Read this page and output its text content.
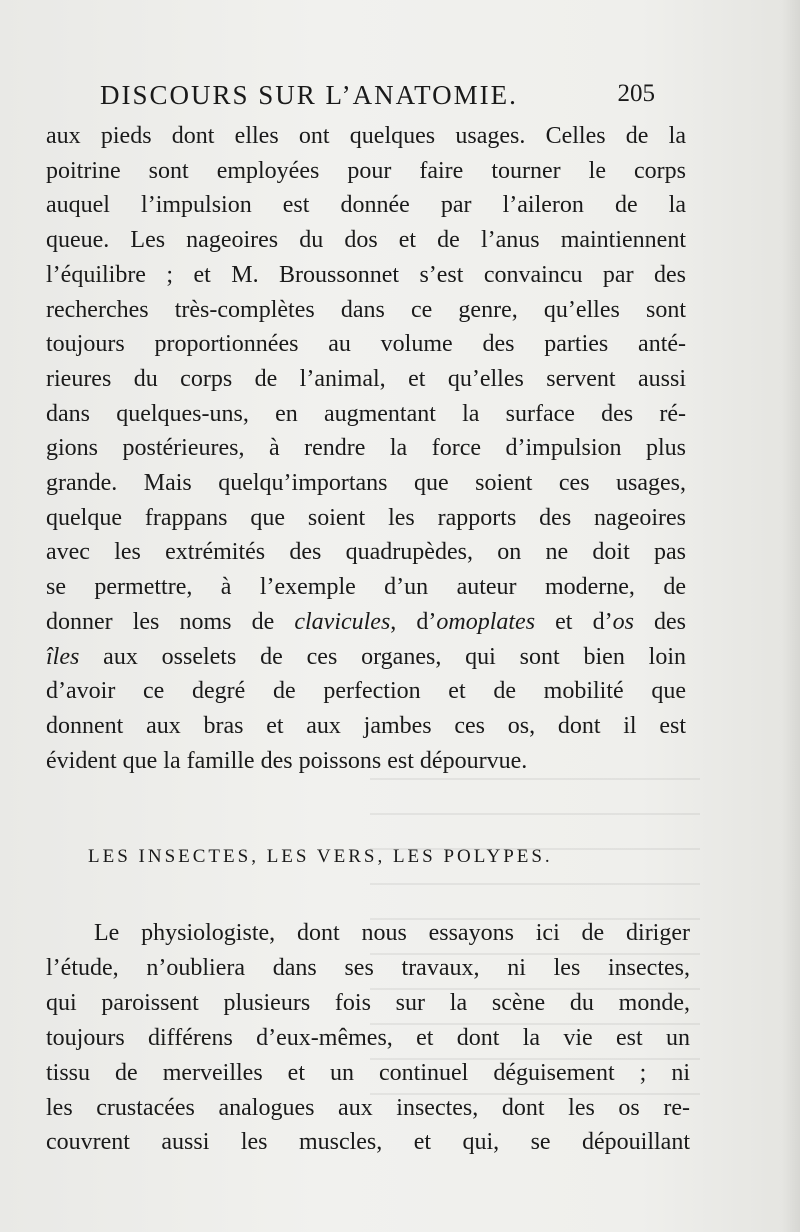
DISCOURS SUR L’ANATOMIE.	205
aux pieds dont elles ont quelques usages. Celles de la
poitrine sont employées pour faire tourner le corps
auquel l’impulsion est donnée par l’aileron de la
queue. Les nageoires du dos et de l’anus maintiennent
l’équilibre ; et M. Broussonnet s’est convaincu par des
recherches très-complètes dans ce genre, qu’elles sont
toujours proportionnées au volume des parties anté-
rieures du corps de l’animal, et qu’elles servent aussi
dans quelques-uns, en augmentant la surface des ré-
gions postérieures, à rendre la force d’impulsion plus
grande. Mais quelqu’importans que soient ces usages,
quelque frappans que soient les rapports des nageoires
avec les extrémités des quadrupèdes, on ne doit pas
se permettre, à l’exemple d’un auteur moderne, de
donner les noms de clavicules, d’omoplates et d’os des
îles aux osselets de ces organes, qui sont bien loin
d’avoir ce degré de perfection et de mobilité que
donnent aux bras et aux jambes ces os, dont il est
évident que la famille des poissons est dépourvue.
LES INSECTES, LES VERS, LES POLYPES.
Le physiologiste, dont nous essayons ici de diriger
l’étude, n’oubliera dans ses travaux, ni les insectes,
qui paroissent plusieurs fois sur la scène du monde,
toujours différens d’eux-mêmes, et dont la vie est un
tissu de merveilles et un continuel déguisement ; ni
les crustacées analogues aux insectes, dont les os re-
couvrent aussi les muscles, et qui, se dépouillant
